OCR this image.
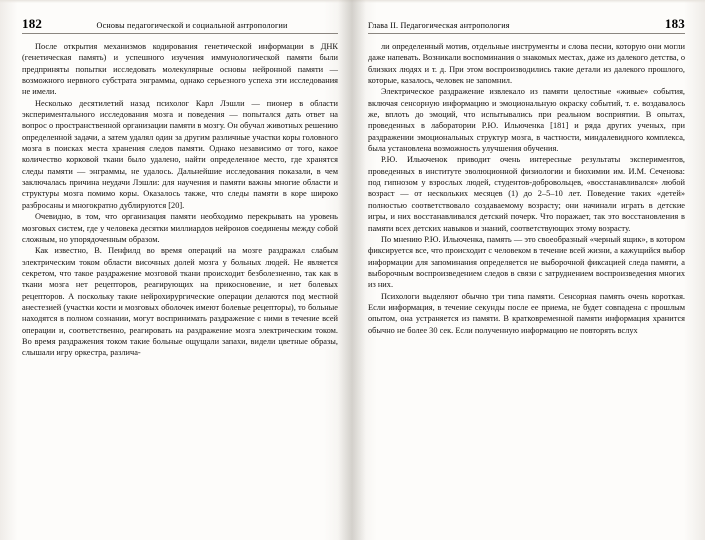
182	Основы педагогической и социальной антропологии

После открытия механизмов кодирования генетической информации в ДНК (генетическая память) и успешного изучения иммунологической памяти были предприняты попытки исследовать молекулярные основы нейронной памяти — возможного нервного субстрата энграммы, однако серьезного успеха эти исследования не имели.

Несколько десятилетий назад психолог Карл Лэшли — пионер в области экспериментального исследования мозга и поведения — попытался дать ответ на вопрос о пространственной организации памяти в мозгу. Он обучал животных решению определенной задачи, а затем удалял один за другим различные участки коры головного мозга в поисках места хранения следов памяти. Однако независимо от того, какое количество корковой ткани было удалено, найти определенное место, где хранятся следы памяти — энграммы, не удалось. Дальнейшие исследования показали, в чем заключалась причина неудачи Лэшли: для научения и памяти важны многие области и структуры мозга помимо коры. Оказалось также, что следы памяти в коре широко разбросаны и многократно дублируются [20].

Очевидно, в том, что организация памяти необходимо перекрывать на уровень мозговых систем, где у человека десятки миллиардов нейронов соединены между собой сложным, но упорядоченным образом.

Как известно, В. Пенфилд во время операций на мозге раздражал слабым электрическим током области височных долей мозга у больных людей. Не является секретом, что такое раздражение мозговой ткани происходит безболезненно, так как в ткани мозга нет рецепторов, реагирующих на прикосновение, и нет болевых рецепторов. А поскольку такие нейрохирургические операции делаются под местной анестезией (участки кости и мозговых оболочек имеют болевые рецепторы), то больные находятся в полном сознании, могут воспринимать раздражение с ними в течение всей операции и, соответственно, реагировать на раздражение мозга электрическим током. Во время раздражения током такие больные ощущали запахи, видели цветные образы, слышали игру оркестра, различа-

Глава II. Педагогическая антропология	183

ли определенный мотив, отдельные инструменты и слова песни, которую они могли даже напевать. Возникали воспоминания о знакомых местах, даже из далекого детства, о близких людях и т. д. При этом воспроизводились такие детали из далекого прошлого, которые, казалось, человек не запомнил.

Электрическое раздражение извлекало из памяти целостные «живые» события, включая сенсорную информацию и эмоциональную окраску событий, т. е. воздавалось же, вплоть до эмоций, что испытывались при реальном восприятии. В опытах, проведенных в лаборатории Р.Ю. Ильюченка [181] и ряда других ученых, при раздражении эмоциональных структур мозга, в частности, миндалевидного комплекса, была установлена возможность улучшения обучения.

Р.Ю. Ильюченок приводит очень интересные результаты экспериментов, проведенных в институте эволюционной физиологии и биохимии им. И.М. Сеченова: под гипнозом у взрослых людей, студентов-добровольцев, «восстанавливался» любой возраст — от нескольких месяцев (1) до 2–5–10 лет. Поведение таких «детей» полностью соответствовало создаваемому возрасту; они начинали играть в детские игры, и них восстанавливался детский почерк. Что поражает, так это восстановления в памяти всех детских навыков и знаний, соответствующих этому возрасту.

По мнению Р.Ю. Ильюченка, память — это своеобразный «черный ящик», в котором фиксируется все, что происходит с человеком в течение всей жизни, а кажущийся выбор информации для запоминания определяется не выборочной фиксацией следа памяти, а выборочным воспроизведением следов в связи с затруднением воспроизведения многих из них.

Психологи выделяют обычно три типа памяти. Сенсорная память очень короткая. Если информация, в течение секунды после ее приема, не будет совпадена с прошлым опытом, она устраняется из памяти. В кратковременной памяти информация хранится обычно не более 30 сек. Если полученную информацию не повторять вслух
